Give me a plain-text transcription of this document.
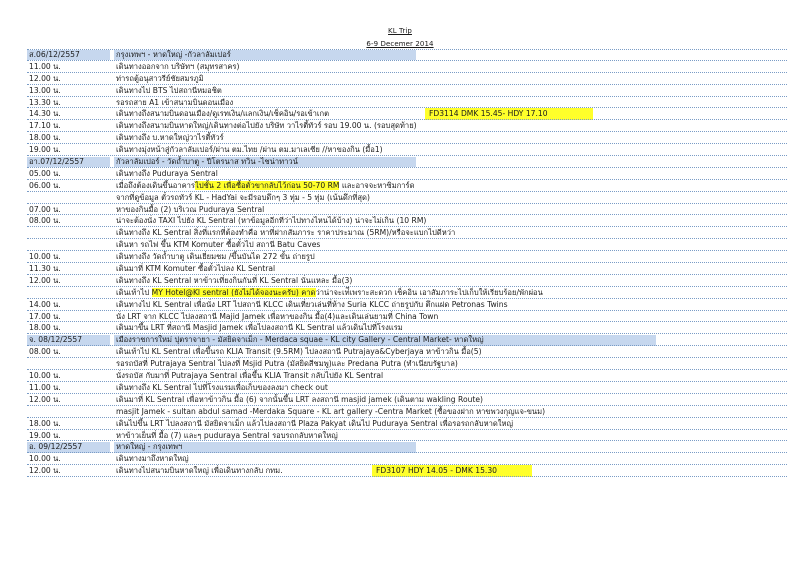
KL Trip
6-9 Decemer 2014
ส.06/12/2557	กรุงเทพฯ - หาดใหญ่ -กัวลาลัมเปอร์
11.00 น.	เดินทางออกจาก บริษัทฯ (สมุทรสาคร)
12.00 น.	ท่ารถตู้อนุสาวรีย์ชัยสมรภูมิ
13.00 น.	เดินทางไป BTS ไปสถานีหมอชิต
13.30 น.	รอรถสาย A1 เข้าสนามบินดอนเมือง
14.30 น.	เดินทางถึงสนามบินดอนเมือง/ดูเรทเงิน/แลกเงิน/เช็คอิน/รอเข้าเกต	FD3114 DMK 15.45- HDY 17.10
17.10 น.	เดินทางถึงสนามบินหาดใหญ่/เดินทางต่อไปยัง บริษัท วาไรตี้ทัวร์ รอบ 19.00 น. (รอบสุดท้าย)
18.00 น.	เดินทางถึง บ.หาดใหญ่วาไรตี้ทัวร์
19.00 น.	เดินทางมุ่งหน้าสู่กัวลาลัมเปอร์/ผ่าน ตม.ไทย /ผ่าน ตม.มาเลเซีย //หาของกิน (มื้อ1)
อา.07/12/2557	กัวลาลัมเปอร์ - วัดถ้ำบาตู - ปีโตรนาส ทวิน -ไชน่าทาวน์
05.00 น.	เดินทางถึง Puduraya Sentral
06.00 น.	เมื่อถึงต้องเดินขึ้นอาคารไปชั้น 2 เพื่อซื้อตั๋วขากลับไว้ก่อน 50-70 RM และอาจจะหาซิมการ์ด
จากที่ดูข้อมูล ตั๋วรถทัวร์ KL - HadYai จะมีรอบดึกๆ 3 ทุ่ม - 5 ทุ่ม (เน้นดึกที่สุด)
07.00 น.	หาของกินมื้อ (2) บริเวณ Puduraya Sentral
08.00 น.	น่าจะต้องนั่ง TAXI ไปยัง KL Sentral (หาข้อมูลอีกทีว่าไปทางไหนได้บ้าง) น่าจะไม่เกิน (10 RM)
เดินทางถึง KL Sentral สิ่งที่แรกที่ต้องทำคือ หาที่ฝากสัมภาระ ราคาประมาณ (5RM)/หรือจะแบกไปดีหว่า
เดินหา รถไฟ ขึ้น KTM Komuter ซื้อตั๋วไป สถานี Batu Caves
10.00 น.	เดินทางถึง วัดถ้ำบาตู เดินเยี่ยมชม /ขึ้นบันได 272 ขั้น ถ่ายรูป
11.30 น.	เดินมาที่ KTM Komuter ซื้อตั๋วไปลง KL Sentral
12.00 น.	เดินทางถึง KL Sentral หาข้าวเที่ยงกินกันที่ KL Sentral นั่นแหละ มื้อ(3)
เดินเท้าไป MY Hotel@Kl sentral (ยังไม่ได้จองนะครับ) คาดว่าน่าจะเท่ีเพราะสะดวก เช็คอิน เอาสัมภาระไปเก็บให้เรียบร้อย/พักผ่อน
14.00 น.	เดินทางไป KL Sentral เพื่อนั่ง LRT ไปสถานี KLCC เดินเที่ยวเล่นที่ห้าง Suria KLCC ถ่ายรูปกับ ตึกแฝด Petronas Twins
17.00 น.	นั่ง LRT จาก KLCC ไปลงสถานี Majid Jamek เพื่อหาของกิน มื้อ(4)และเดินเล่นยามที่ China Town
18.00 น.	เดินมาขึ้น LRT ที่สถานี Masjid Jamek เพื่อไปลงสถานี KL Sentral แล้วเดินไปที่โรงแรม
จ. 08/12/2557	เมืองราชการใหม่ ปุตราจายา - มัสยิดจาเม็ก - Merdaca squae - KL city Gallery - Central Market- หาดใหญ่
08.00 น.	เดินเท้าไป KL Sentral เพื่อขึ้นรถ KLIA Transit (9.5RM) ไปลงสถานี Putrajaya&Cyberjaya หาข้าวกิน มื้อ(5)
รอรถบัสที่ Putrajaya Sentral ไปลงที่ Msjid Putra (มัสยิดสีชมพู)และ Predana Putra (ทำเนียบรัฐบาล)
10.00 น.	นั่งรถบัส กับมาที่ Putrajaya Sentral เพื่อขึ้น KLIA Transit กลับไปยัง KL Sentral
11.00 น.	เดินทางถึง KL Sentral ไปที่โรงแรมเพื่อเก็บของลงมา check out
12.00 น.	เดินมาที่ KL Sentral เพื่อหาข้าวกิน มื้อ (6) จากนั้นขึ้น LRT ลงสถานี masjid jamek (เดินตาม wakling Route)
masjit Jamek - sultan abdul samad -Merdaka Square - KL art gallery -Centra Market (ซื้อของฝาก หาขพวงกุญแจ-ขนม)
18.00 น.	เดินไปขึ้น LRT ไปลงสถานี มัสยิดจาเม็ก แล้วไปลงสถานี Plaza Pakyat เดินไป Puduraya Sentral เพื่อรอรถกลับหาดใหญ่
19.00 น.	หาข้าวเย็นที่ มื้อ (7) และๆ puduraya Sentral รอบรถกลับหาดใหญ่
อ. 09/12/2557	หาดใหญ่ - กรุงเทพฯ
10.00 น.	เดินทางมาถึงหาดใหญ่
12.00 น.	เดินทางไปสนามบินหาดใหญ่ เพื่อเดินทางกลับ กทม.	FD3107 HDY 14.05 - DMK 15.30
